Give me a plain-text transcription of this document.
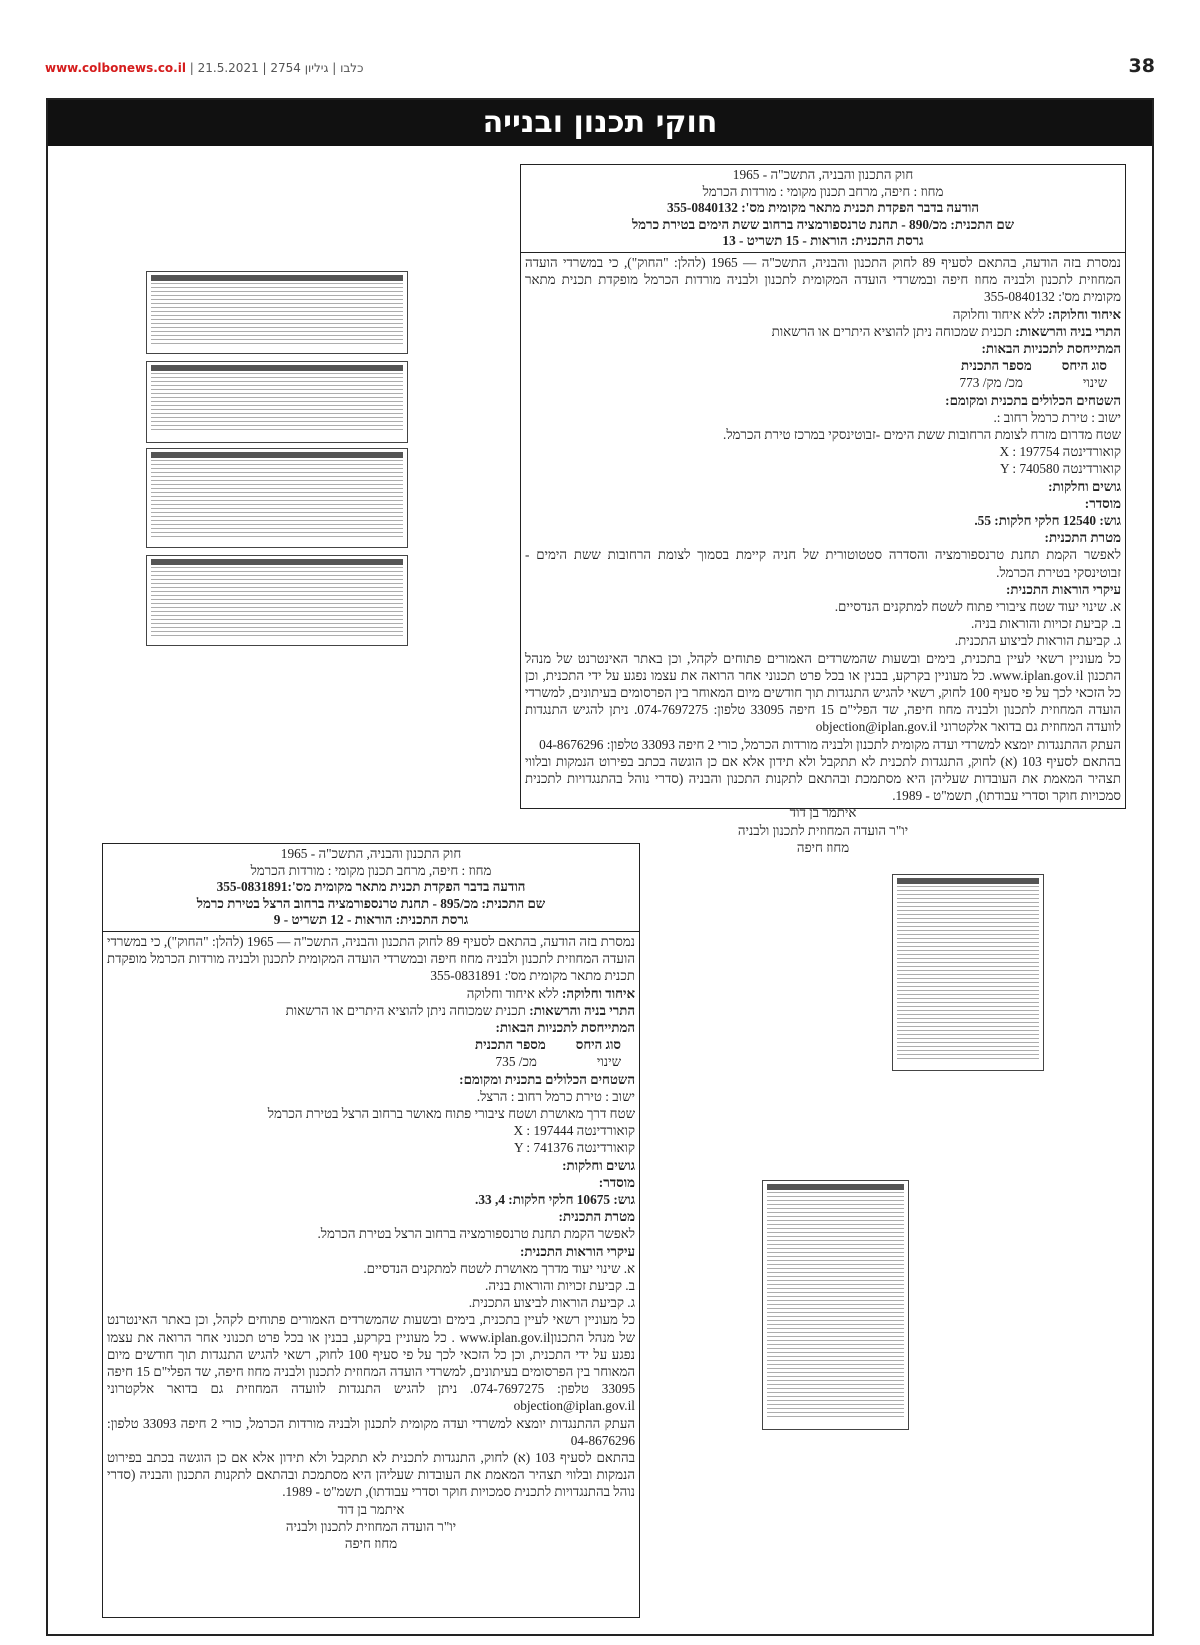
www.colbonews.co.il | כלבו | גיליון 2754 | 21.5.2021	38
חוקי תכנון ובנייה
חוק התכנון והבניה, התשכ"ה - 1965
מחוז : חיפה, מרחב תכנון מקומי : מורדות הכרמל
הודעה בדבר הפקדת תכנית מתאר מקומית מס': 355-0840132
שם התכנית: מכ/890 - תחנת טרנספורמציה ברחוב ששת הימים בטירת כרמל
גרסת התכנית: הוראות - 15 תשריט - 13

נמסרת בזה הודעה, בהתאם לסעיף 89 לחוק התכנון והבניה, התשכ"ה — 1965 (להלן: "החוק"), כי במשרדי הועדה המחוזית לתכנון ולבניה מחוז חיפה ובמשרדי הועדה המקומית לתכנון ולבניה מורדות הכרמל מופקדת תכנית מתאר מקומית מס': 355-0840132

איחוד וחלוקה: ללא איחוד וחלוקה

התרי בניה והרשאות: תכנית שמכוחה ניתן להוציא היתרים או הרשאות

המתייחסת לתכניות הבאות:

סוג היחס
מספר התכנית
שינוי
מכ/ מק/ 773

השטחים הכלולים בתכנית ומקומם:

ישוב : טירת כרמל רחוב :.

שטח מדרום מזרח לצומת הרחובות ששת הימים -זבוטינסקי במרכז טירת הכרמל.

קואורדינטה X : 197754

קואורדינטה Y : 740580

גושים וחלקות:

מוסדר:

גוש: 12540 חלקי חלקות: 55.

מטרת התכנית:

לאפשר הקמת תחנת טרנספורמציה והסדרה סטטוטורית של חניה קיימת בסמוך לצומת הרחובות ששת הימים - זבוטינסקי בטירת הכרמל.

עיקרי הוראות התכנית:

א. שינוי יעוד שטח ציבורי פתוח לשטח למתקנים הנדסיים.

ב. קביעת זכויות והוראות בניה.

ג. קביעת הוראות לביצוע התכנית.

כל מעוניין רשאי לעיין בתכנית, בימים ובשעות שהמשרדים האמורים פתוחים לקהל, וכן באתר האינטרנט של מנהל התכנון www.iplan.gov.il. כל מעוניין בקרקע, בבנין או בכל פרט תכנוני אחר הרואה את עצמו נפגע על ידי התכנית, וכן כל הזכאי לכך על פי סעיף 100 לחוק, רשאי להגיש התנגדות תוך חודשים מיום המאוחר בין הפרסומים בעיתונים, למשרדי הועדה המחוזית לתכנון ולבניה מחוז חיפה, שד הפלי"ם 15 חיפה 33095 טלפון: 074-7697275. ניתן להגיש התנגדות לוועדה המחוזית גם בדואר אלקטרוני objection@iplan.gov.il

העתק ההתנגדות יומצא למשרדי ועדה מקומית לתכנון ולבניה מורדות הכרמל, כורי 2 חיפה 33093 טלפון: 04-8676296

בהתאם לסעיף 103 (א) לחוק, התנגדות לתכנית לא תתקבל ולא תידון אלא אם כן הוגשה בכתב בפירוט הנמקות ובלווי תצהיר המאמת את העובדות שעליהן היא מסתמכת ובהתאם לתקנות התכנון והבניה (סדרי נוהל בהתנגדויות לתכנית סמכויות חוקר וסדרי עבודתו), תשמ"ט - 1989.

איתמר בן דוד

יו"ר הועדה המחוזית לתכנון ולבניה

מחוז חיפה

חוק התכנון והבניה, התשכ"ה - 1965
מחוז : חיפה, מרחב תכנון מקומי : מורדות הכרמל
הודעה בדבר הפקדת תכנית מתאר מקומית מס':355-0831891
שם התכנית: מכ/895 - תחנת טרנספורמציה ברחוב הרצל בטירת כרמל
גרסת התכנית: הוראות - 12 תשריט - 9

נמסרת בזה הודעה, בהתאם לסעיף 89 לחוק התכנון והבניה, התשכ"ה — 1965 (להלן: "החוק"), כי במשרדי הועדה המחוזית לתכנון ולבניה מחוז חיפה ובמשרדי הועדה המקומית לתכנון ולבניה מורדות הכרמל מופקדת תכנית מתאר מקומית מס': 355-0831891

איחוד וחלוקה: ללא איחוד וחלוקה

התרי בניה והרשאות: תכנית שמכוחה ניתן להוציא היתרים או הרשאות

המתייחסת לתכניות הבאות:

סוג היחס
מספר התכנית
שינוי
מכ/ 735

השטחים הכלולים בתכנית ומקומם:

ישוב : טירת כרמל רחוב : הרצל.

שטח דרך מאושרת ושטח ציבורי פתוח מאושר ברחוב הרצל בטירת הכרמל

קואורדינטה X : 197444

קואורדינטה Y : 741376

גושים וחלקות:

מוסדר:

גוש: 10675 חלקי חלקות: 4, 33.

מטרת התכנית:

לאפשר הקמת תחנת טרנספורמציה ברחוב הרצל בטירת הכרמל.

עיקרי הוראות התכנית:

א. שינוי יעוד מדרך מאושרת לשטח למתקנים הנדסיים.

ב. קביעת זכויות והוראות בניה.

ג. קביעת הוראות לביצוע התכנית.

כל מעוניין רשאי לעיין בתכנית, בימים ובשעות שהמשרדים האמורים פתוחים לקהל, וכן באתר האינטרנט של מנהל התכנוןwww.iplan.gov.il . כל מעוניין בקרקע, בבנין או בכל פרט תכנוני אחר הרואה את עצמו נפגע על ידי התכנית, וכן כל הזכאי לכך על פי סעיף 100 לחוק, רשאי להגיש התנגדות תוך חודשים מיום המאוחר בין הפרסומים בעיתונים, למשרדי הועדה המחוזית לתכנון ולבניה מחוז חיפה, שד הפלי"ם 15 חיפה 33095 טלפון: 074-7697275. ניתן להגיש התנגדות לוועדה המחוזית גם בדואר אלקטרוני objection@iplan.gov.il

העתק ההתנגדות יומצא למשרדי ועדה מקומית לתכנון ולבניה מורדות הכרמל, כורי 2 חיפה 33093 טלפון: 04-8676296

בהתאם לסעיף 103 (א) לחוק, התנגדות לתכנית לא תתקבל ולא תידון אלא אם כן הוגשה בכתב בפירוט הנמקות ובלווי תצהיר המאמת את העובדות שעליהן היא מסתמכת ובהתאם לתקנות התכנון והבניה (סדרי נוהל בהתנגדויות לתכנית סמכויות חוקר וסדרי עבודתו), תשמ"ט - 1989.

איתמר בן דוד

יו"ר הועדה המחוזית לתכנון ולבניה

מחוז חיפה
